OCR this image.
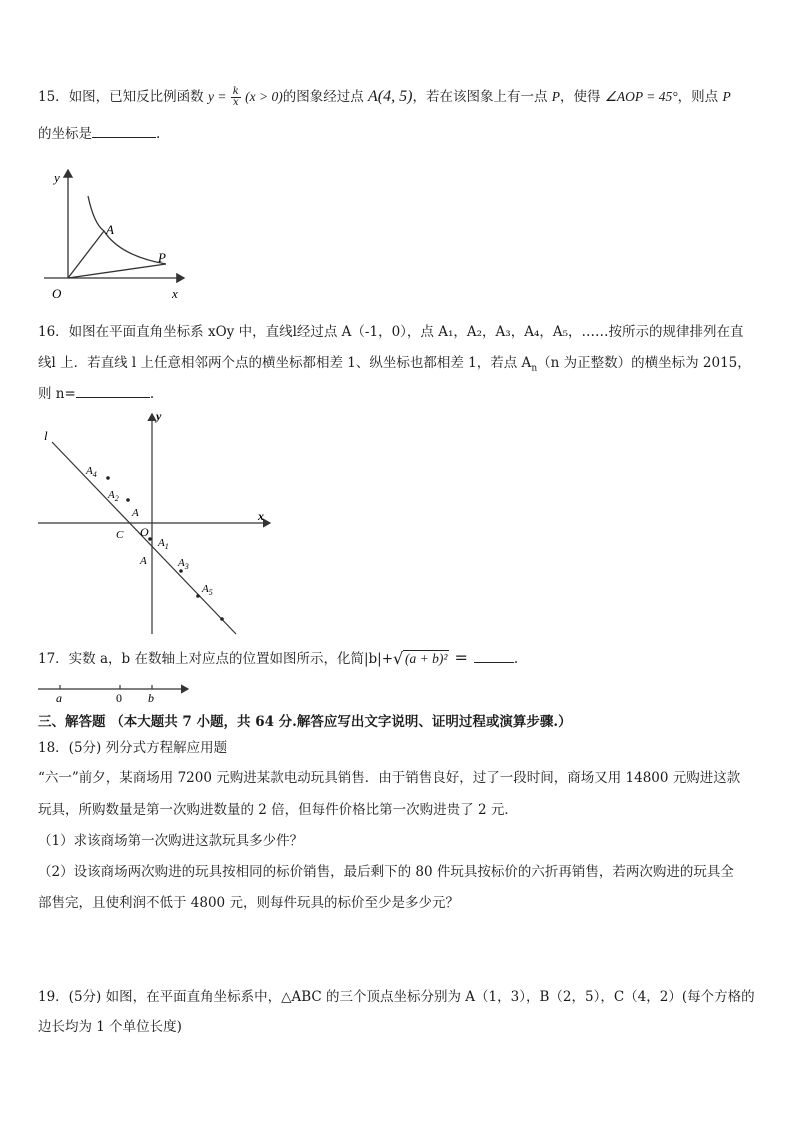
15．如图，已知反比例函数 $y = \frac{k}{x} (x > 0)$的图象经过点 A(4, 5)，若在该图象上有一点 P，使得 ∠AOP = 45°，则点 P
的坐标是	.
y
x
O
A
P
16．如图在平面直角坐标系 xOy 中，直线l经过点 A（-1，0），点 A₁，A₂，A₃，A₄，A₅，……按所示的规律排列在直
线l 上．若直线 l 上任意相邻两个点的横坐标都相差 1、纵坐标也都相差 1，若点 $A_n(n$ 为正整数）的横坐标为 2015，
则 n=	.
l
y
x
O
C
A
A
$A_1$
$A_2$
$A_3$
$A_4$
$A_5$
17．实数 a，b 在数轴上对应点的位置如图所示，化简|b|+ √ (a + b)² =	.
a	0 b
三、解答题 （本大题共 7 小题，共 64 分.解答应写出文字说明、证明过程或演算步骤.）
18．(5分) 列分式方程解应用题
“六一”前夕，某商场用 7200 元购进某款电动玩具销售．由于销售良好，过了一段时间，商场又用 14800 元购进这款
玩具，所购数量是第一次购进数量的 2 倍，但每件价格比第一次购进贵了 2 元．
（1）求该商场第一次购进这款玩具多少件？
（2）设该商场两次购进的玩具按相同的标价销售，最后剩下的 80 件玩具按标价的六折再销售，若两次购进的玩具全
部售完，且使利润不低于 4800 元，则每件玩具的标价至少是多少元？
19．(5分) 如图，在平面直角坐标系中，△ABC 的三个顶点坐标分别为 A（1，3），B（2，5），C（4，2）(每个方格的
边长均为 1 个单位长度)
